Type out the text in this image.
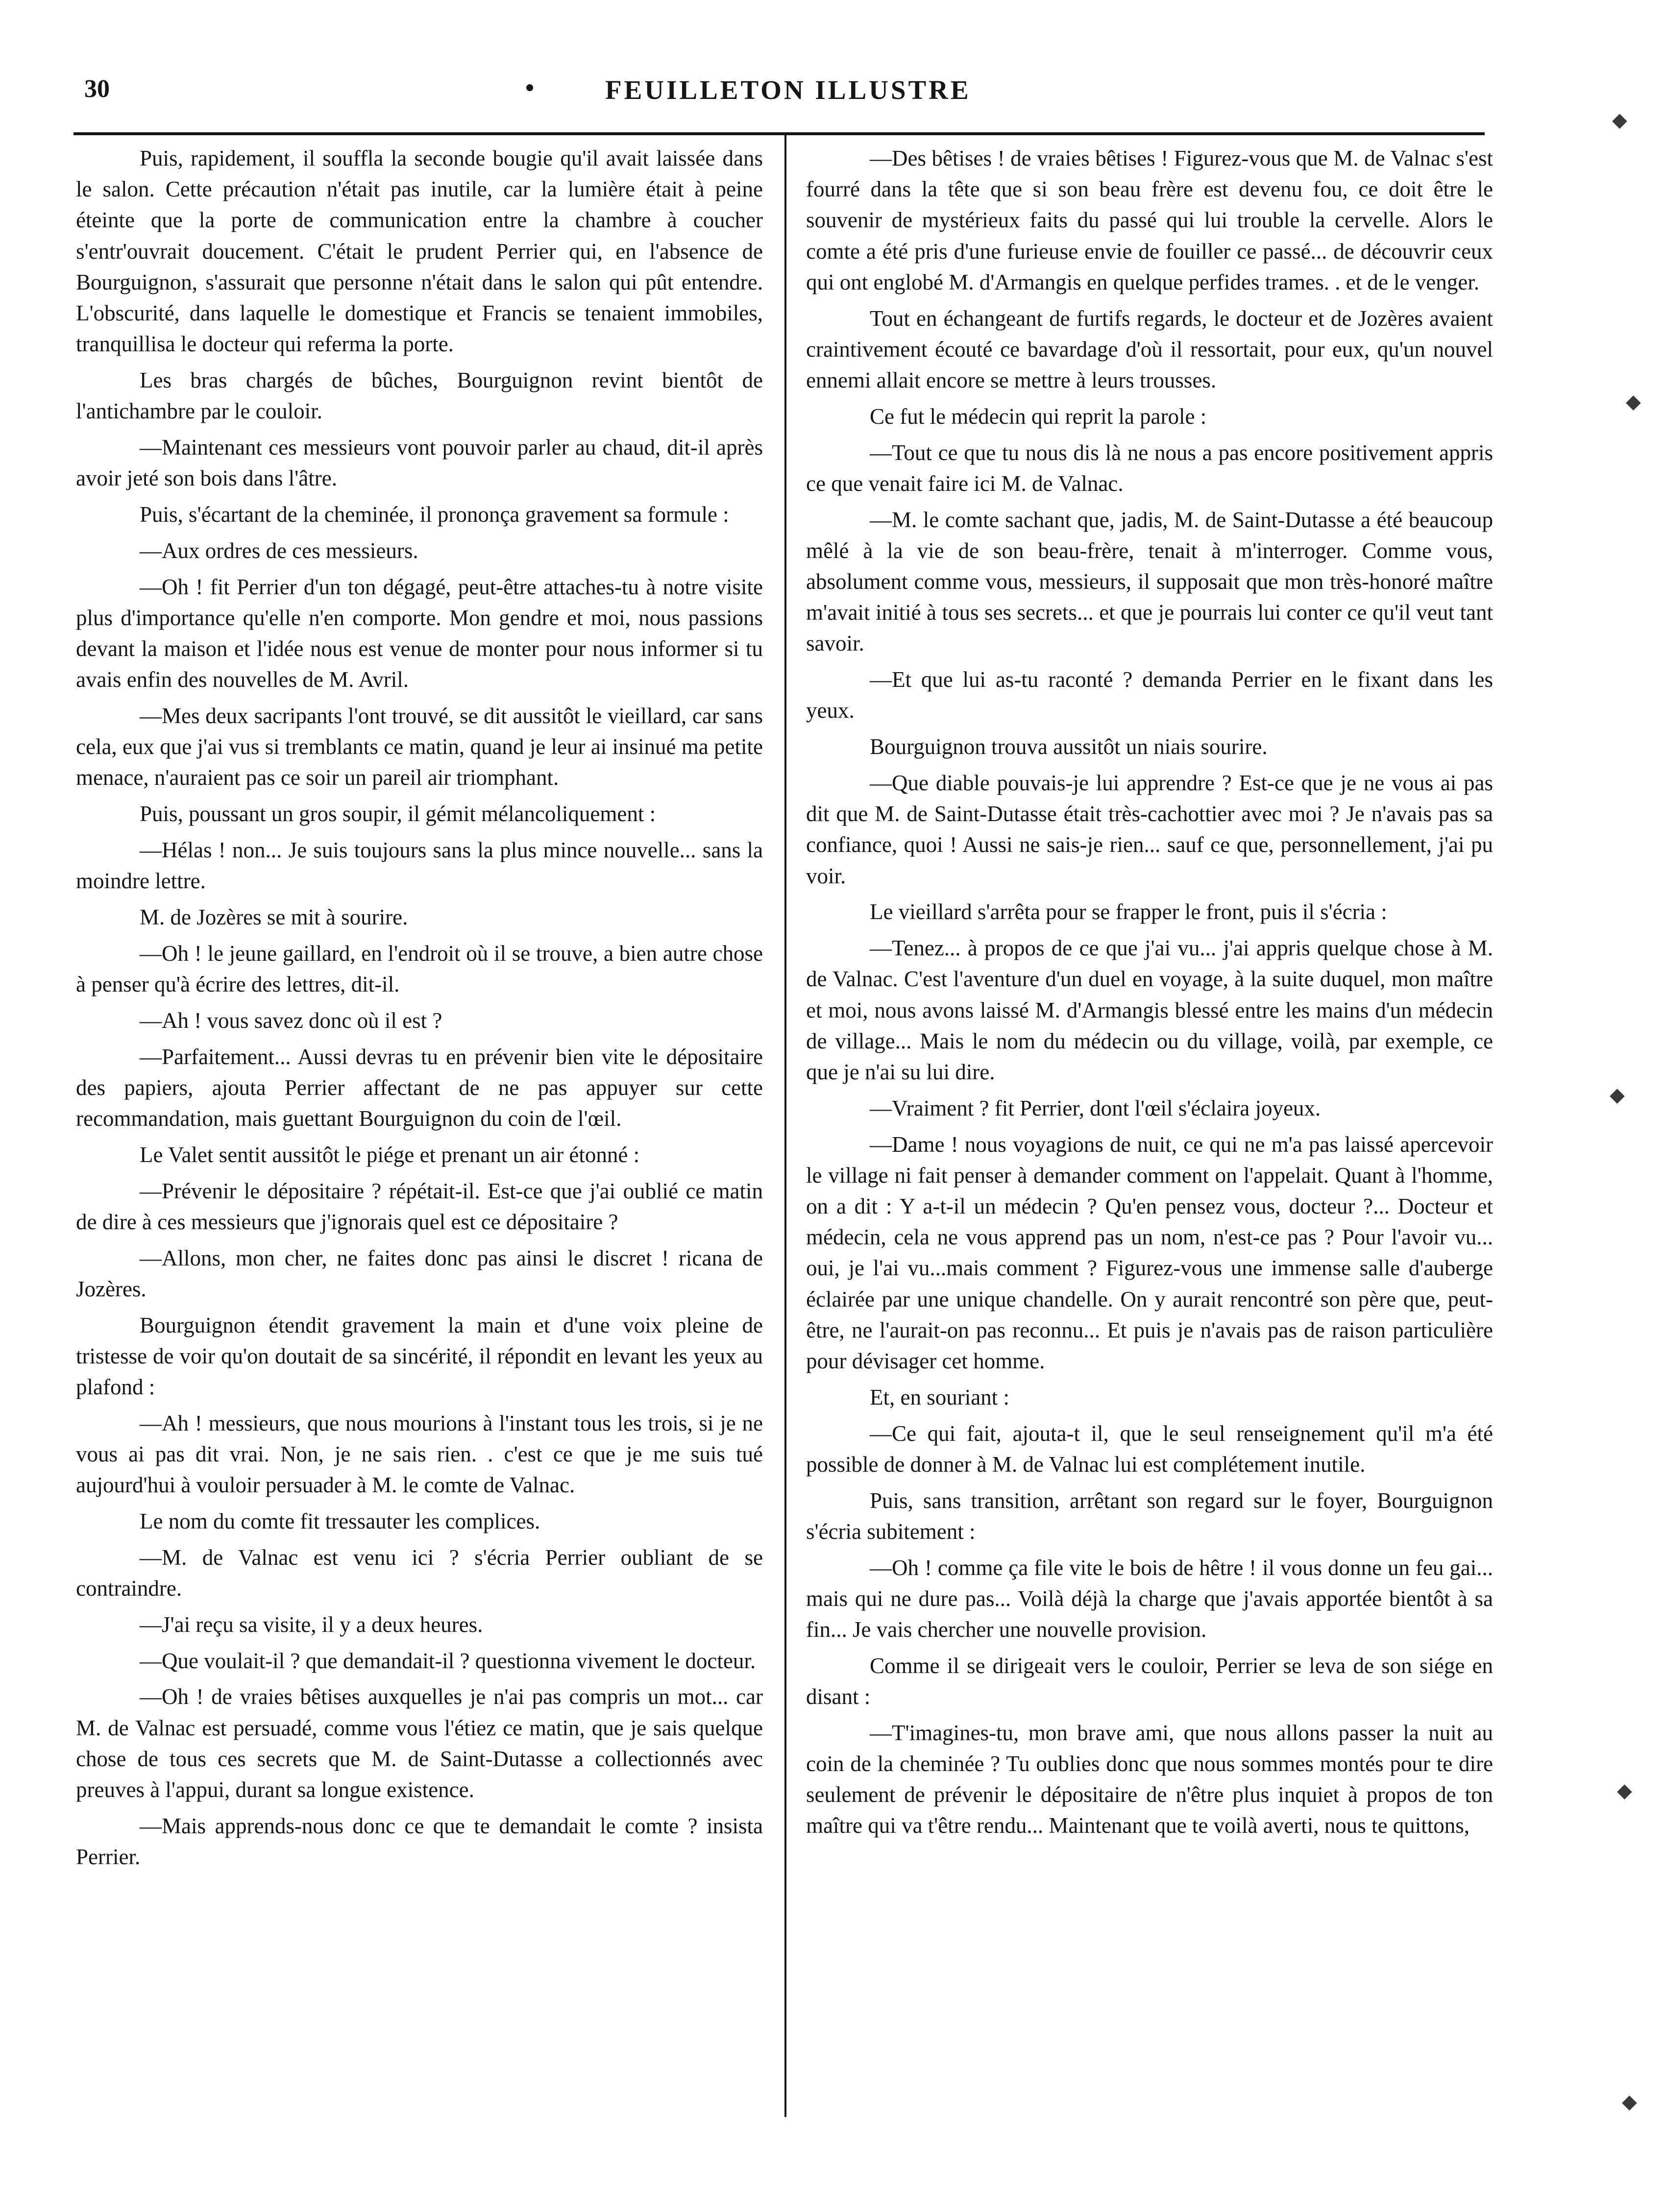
30	•	FEUILLETON ILLUSTRE

Puis, rapidement, il souffla la seconde bougie qu'il avait laissée dans le salon. Cette précaution n'était pas inutile, car la lumière était à peine éteinte que la porte de communication entre la chambre à coucher s'entr'ouvrait doucement. C'était le prudent Perrier qui, en l'absence de Bourguignon, s'assurait que personne n'était dans le salon qui pût entendre. L'obscurité, dans laquelle le domestique et Francis se tenaient immobiles, tranquillisa le docteur qui referma la porte.

Les bras chargés de bûches, Bourguignon revint bientôt de l'antichambre par le couloir.

—Maintenant ces messieurs vont pouvoir parler au chaud, dit-il après avoir jeté son bois dans l'âtre.

Puis, s'écartant de la cheminée, il prononça gravement sa formule :

—Aux ordres de ces messieurs.

—Oh ! fit Perrier d'un ton dégagé, peut-être attaches-tu à notre visite plus d'importance qu'elle n'en comporte. Mon gendre et moi, nous passions devant la maison et l'idée nous est venue de monter pour nous informer si tu avais enfin des nouvelles de M. Avril.

—Mes deux sacripants l'ont trouvé, se dit aussitôt le vieillard, car sans cela, eux que j'ai vus si tremblants ce matin, quand je leur ai insinué ma petite menace, n'auraient pas ce soir un pareil air triomphant.

Puis, poussant un gros soupir, il gémit mélancoliquement :

—Hélas ! non... Je suis toujours sans la plus mince nouvelle... sans la moindre lettre.

M. de Jozères se mit à sourire.

—Oh ! le jeune gaillard, en l'endroit où il se trouve, a bien autre chose à penser qu'à écrire des lettres, dit-il.

—Ah ! vous savez donc où il est ?

—Parfaitement... Aussi devras tu en prévenir bien vite le dépositaire des papiers, ajouta Perrier affectant de ne pas appuyer sur cette recommandation, mais guettant Bourguignon du coin de l'œil.

Le Valet sentit aussitôt le piége et prenant un air étonné :

—Prévenir le dépositaire ? répétait-il. Est-ce que j'ai oublié ce matin de dire à ces messieurs que j'ignorais quel est ce dépositaire ?

—Allons, mon cher, ne faites donc pas ainsi le discret ! ricana de Jozères.

Bourguignon étendit gravement la main et d'une voix pleine de tristesse de voir qu'on doutait de sa sincérité, il répondit en levant les yeux au plafond :

—Ah ! messieurs, que nous mourions à l'instant tous les trois, si je ne vous ai pas dit vrai. Non, je ne sais rien. . c'est ce que je me suis tué aujourd'hui à vouloir persuader à M. le comte de Valnac.

Le nom du comte fit tressauter les complices.

—M. de Valnac est venu ici ? s'écria Perrier oubliant de se contraindre.

—J'ai reçu sa visite, il y a deux heures.

—Que voulait-il ? que demandait-il ? questionna vivement le docteur.

—Oh ! de vraies bêtises auxquelles je n'ai pas compris un mot... car M. de Valnac est persuadé, comme vous l'étiez ce matin, que je sais quelque chose de tous ces secrets que M. de Saint-Dutasse a collectionnés avec preuves à l'appui, durant sa longue existence.

—Mais apprends-nous donc ce que te demandait le comte ? insista Perrier.

—Des bêtises ! de vraies bêtises ! Figurez-vous que M. de Valnac s'est fourré dans la tête que si son beau frère est devenu fou, ce doit être le souvenir de mystérieux faits du passé qui lui trouble la cervelle. Alors le comte a été pris d'une furieuse envie de fouiller ce passé... de découvrir ceux qui ont englobé M. d'Armangis en quelque perfides trames. . et de le venger.

Tout en échangeant de furtifs regards, le docteur et de Jozères avaient craintivement écouté ce bavardage d'où il ressortait, pour eux, qu'un nouvel ennemi allait encore se mettre à leurs trousses.

Ce fut le médecin qui reprit la parole :

—Tout ce que tu nous dis là ne nous a pas encore positivement appris ce que venait faire ici M. de Valnac.

—M. le comte sachant que, jadis, M. de Saint-Dutasse a été beaucoup mêlé à la vie de son beau-frère, tenait à m'interroger. Comme vous, absolument comme vous, messieurs, il supposait que mon très-honoré maître m'avait initié à tous ses secrets... et que je pourrais lui conter ce qu'il veut tant savoir.

—Et que lui as-tu raconté ? demanda Perrier en le fixant dans les yeux.

Bourguignon trouva aussitôt un niais sourire.

—Que diable pouvais-je lui apprendre ? Est-ce que je ne vous ai pas dit que M. de Saint-Dutasse était très-cachottier avec moi ? Je n'avais pas sa confiance, quoi ! Aussi ne sais-je rien... sauf ce que, personnellement, j'ai pu voir.

Le vieillard s'arrêta pour se frapper le front, puis il s'écria :

—Tenez... à propos de ce que j'ai vu... j'ai appris quelque chose à M. de Valnac. C'est l'aventure d'un duel en voyage, à la suite duquel, mon maître et moi, nous avons laissé M. d'Armangis blessé entre les mains d'un médecin de village... Mais le nom du médecin ou du village, voilà, par exemple, ce que je n'ai su lui dire.

—Vraiment ? fit Perrier, dont l'œil s'éclaira joyeux.

—Dame ! nous voyagions de nuit, ce qui ne m'a pas laissé apercevoir le village ni fait penser à demander comment on l'appelait. Quant à l'homme, on a dit : Y a-t-il un médecin ? Qu'en pensez vous, docteur ?... Docteur et médecin, cela ne vous apprend pas un nom, n'est-ce pas ? Pour l'avoir vu... oui, je l'ai vu...mais comment ? Figurez-vous une immense salle d'auberge éclairée par une unique chandelle. On y aurait rencontré son père que, peut-être, ne l'aurait-on pas reconnu... Et puis je n'avais pas de raison particulière pour dévisager cet homme.

Et, en souriant :

—Ce qui fait, ajouta-t il, que le seul renseignement qu'il m'a été possible de donner à M. de Valnac lui est complétement inutile.

Puis, sans transition, arrêtant son regard sur le foyer, Bourguignon s'écria subitement :

—Oh ! comme ça file vite le bois de hêtre ! il vous donne un feu gai... mais qui ne dure pas... Voilà déjà la charge que j'avais apportée bientôt à sa fin... Je vais chercher une nouvelle provision.

Comme il se dirigeait vers le couloir, Perrier se leva de son siége en disant :

—T'imagines-tu, mon brave ami, que nous allons passer la nuit au coin de la cheminée ? Tu oublies donc que nous sommes montés pour te dire seulement de prévenir le dépositaire de n'être plus inquiet à propos de ton maître qui va t'être rendu... Maintenant que te voilà averti, nous te quittons,

◆
◆
◆
◆
◆
